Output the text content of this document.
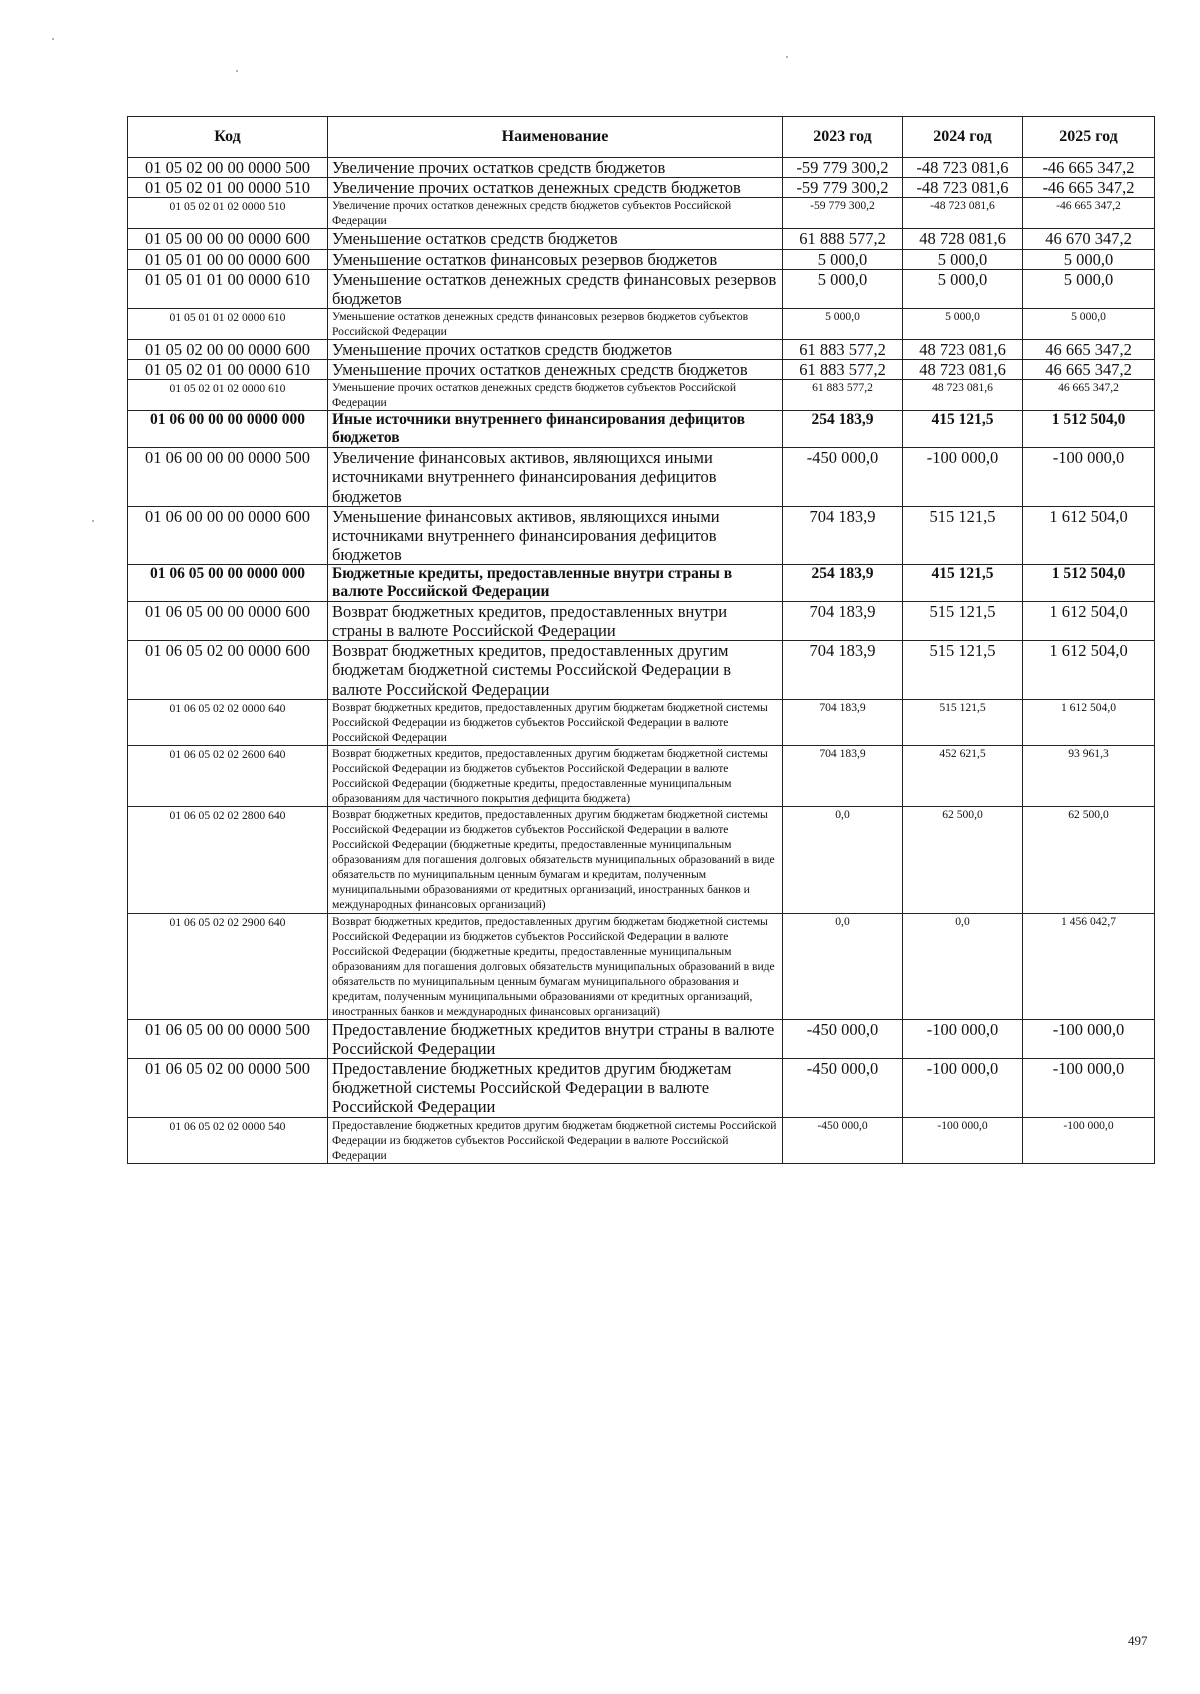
Код	Наименование	2023 год	2024 год	2025 год
01 05 02 00 00 0000 500	Увеличение прочих остатков средств бюджетов	-59 779 300,2	-48 723 081,6	-46 665 347,2
01 05 02 01 00 0000 510	Увеличение прочих остатков денежных средств бюджетов	-59 779 300,2	-48 723 081,6	-46 665 347,2
01 05 02 01 02 0000 510	Увеличение прочих остатков денежных средств бюджетов субъектов Российской Федерации	-59 779 300,2	-48 723 081,6	-46 665 347,2
01 05 00 00 00 0000 600	Уменьшение остатков средств бюджетов	61 888 577,2	48 728 081,6	46 670 347,2
01 05 01 00 00 0000 600	Уменьшение остатков финансовых резервов бюджетов	5 000,0	5 000,0	5 000,0
01 05 01 01 00 0000 610	Уменьшение остатков денежных средств финансовых резервов бюджетов	5 000,0	5 000,0	5 000,0
01 05 01 01 02 0000 610	Уменьшение остатков денежных средств финансовых резервов бюджетов субъектов Российской Федерации	5 000,0	5 000,0	5 000,0
01 05 02 00 00 0000 600	Уменьшение прочих остатков средств бюджетов	61 883 577,2	48 723 081,6	46 665 347,2
01 05 02 01 00 0000 610	Уменьшение прочих остатков денежных средств бюджетов	61 883 577,2	48 723 081,6	46 665 347,2
01 05 02 01 02 0000 610	Уменьшение прочих остатков денежных средств бюджетов субъектов Российской Федерации	61 883 577,2	48 723 081,6	46 665 347,2
01 06 00 00 00 0000 000	Иные источники внутреннего финансирования дефицитов бюджетов	254 183,9	415 121,5	1 512 504,0
01 06 00 00 00 0000 500	Увеличение финансовых активов, являющихся иными источниками внутреннего финансирования дефицитов бюджетов	-450 000,0	-100 000,0	-100 000,0
01 06 00 00 00 0000 600	Уменьшение финансовых активов, являющихся иными источниками внутреннего финансирования дефицитов бюджетов	704 183,9	515 121,5	1 612 504,0
01 06 05 00 00 0000 000	Бюджетные кредиты, предоставленные внутри страны в валюте Российской Федерации	254 183,9	415 121,5	1 512 504,0
01 06 05 00 00 0000 600	Возврат бюджетных кредитов, предоставленных внутри страны в валюте Российской Федерации	704 183,9	515 121,5	1 612 504,0
01 06 05 02 00 0000 600	Возврат бюджетных кредитов, предоставленных другим бюджетам бюджетной системы Российской Федерации в валюте Российской Федерации	704 183,9	515 121,5	1 612 504,0
01 06 05 02 02 0000 640	Возврат бюджетных кредитов, предоставленных другим бюджетам бюджетной системы Российской Федерации из бюджетов субъектов Российской Федерации в валюте Российской Федерации	704 183,9	515 121,5	1 612 504,0
01 06 05 02 02 2600 640	Возврат бюджетных кредитов, предоставленных другим бюджетам бюджетной системы Российской Федерации из бюджетов субъектов Российской Федерации в валюте Российской Федерации (бюджетные кредиты, предоставленные муниципальным образованиям для частичного покрытия дефицита бюджета)	704 183,9	452 621,5	93 961,3
01 06 05 02 02 2800 640	Возврат бюджетных кредитов, предоставленных другим бюджетам бюджетной системы Российской Федерации из бюджетов субъектов Российской Федерации в валюте Российской Федерации (бюджетные кредиты, предоставленные муниципальным образованиям для погашения долговых обязательств муниципальных образований в виде обязательств по муниципальным ценным бумагам и кредитам, полученным муниципальными образованиями от кредитных организаций, иностранных банков и международных финансовых организаций)	0,0	62 500,0	62 500,0
01 06 05 02 02 2900 640	Возврат бюджетных кредитов, предоставленных другим бюджетам бюджетной системы Российской Федерации из бюджетов субъектов Российской Федерации в валюте Российской Федерации (бюджетные кредиты, предоставленные муниципальным образованиям для погашения долговых обязательств муниципальных образований в виде обязательств по муниципальным ценным бумагам муниципального образования и кредитам, полученным муниципальными образованиями от кредитных организаций, иностранных банков и международных финансовых организаций)	0,0	0,0	1 456 042,7
01 06 05 00 00 0000 500	Предоставление бюджетных кредитов внутри страны в валюте Российской Федерации	-450 000,0	-100 000,0	-100 000,0
01 06 05 02 00 0000 500	Предоставление бюджетных кредитов другим бюджетам бюджетной системы Российской Федерации в валюте Российской Федерации	-450 000,0	-100 000,0	-100 000,0
01 06 05 02 02 0000 540	Предоставление бюджетных кредитов другим бюджетам бюджетной системы Российской Федерации из бюджетов субъектов Российской Федерации в валюте Российской Федерации	-450 000,0	-100 000,0	-100 000,0
497
